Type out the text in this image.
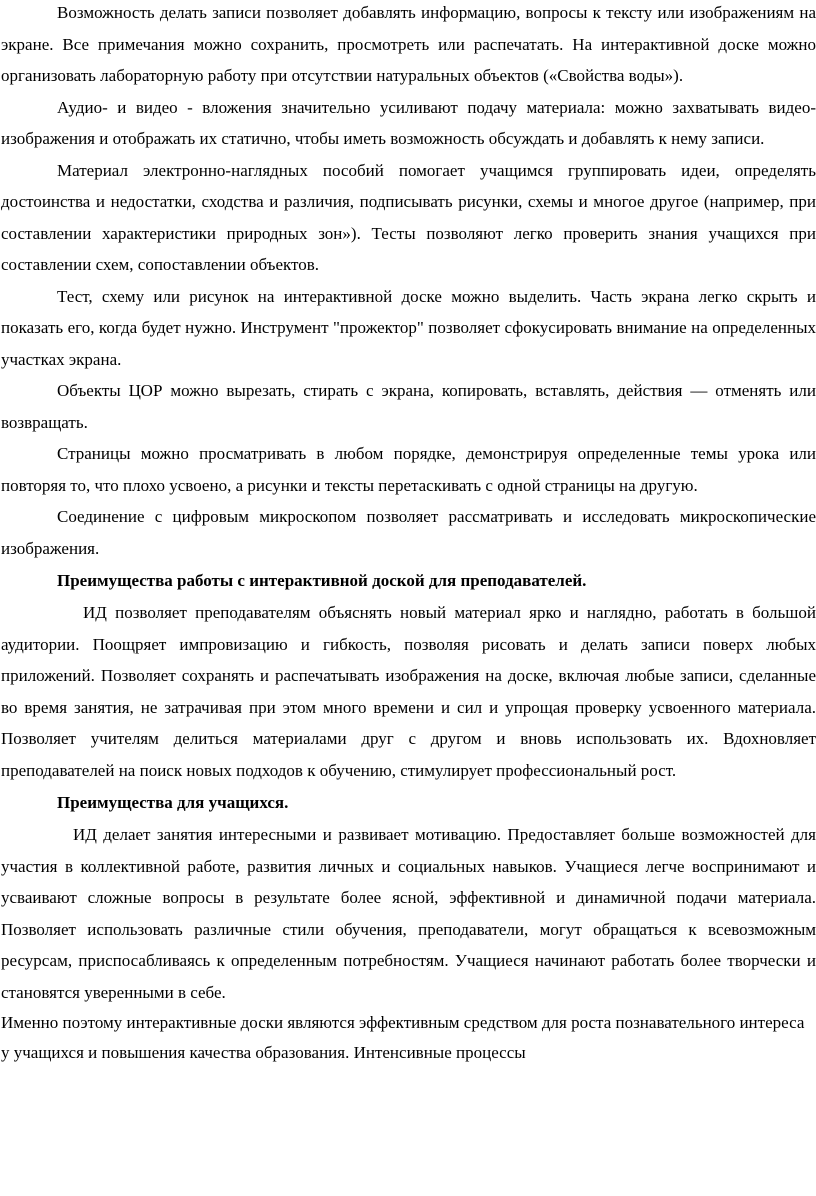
Возможность делать записи позволяет добавлять информацию, вопросы к тексту или изображениям на экране. Все примечания можно сохранить, просмотреть или распечатать. На интерактивной доске можно организовать лабораторную работу при отсутствии натуральных объектов («Свойства воды»).

Аудио- и видео - вложения значительно усиливают подачу материала: можно захватывать видео-изображения и отображать их статично, чтобы иметь возможность обсуждать и добавлять к нему записи.

Материал электронно-наглядных пособий помогает учащимся группировать идеи, определять достоинства и недостатки, сходства и различия, подписывать рисунки, схемы и многое другое (например, при составлении характеристики природных зон»). Тесты позволяют легко проверить знания учащихся при составлении схем, сопоставлении объектов.

Тест, схему или рисунок на интерактивной доске можно выделить. Часть экрана легко скрыть и показать его, когда будет нужно. Инструмент "прожектор" позволяет сфокусировать внимание на определенных участках экрана.

Объекты ЦОР можно вырезать, стирать с экрана, копировать, вставлять, действия — отменять или возвращать.

Страницы можно просматривать в любом порядке, демонстрируя определенные темы урока или повторяя то, что плохо усвоено, а рисунки и тексты перетаскивать с одной страницы на другую.

Соединение с цифровым микроскопом позволяет рассматривать и исследовать микроскопические изображения.

Преимущества работы с интерактивной доской для преподавателей.

ИД позволяет преподавателям объяснять новый материал ярко и наглядно, работать в большой аудитории. Поощряет импровизацию и гибкость, позволяя рисовать и делать записи поверх любых приложений. Позволяет сохранять и распечатывать изображения на доске, включая любые записи, сделанные во время занятия, не затрачивая при этом много времени и сил и упрощая проверку усвоенного материала. Позволяет учителям делиться материалами друг с другом и вновь использовать их. Вдохновляет преподавателей на поиск новых подходов к обучению, стимулирует профессиональный рост.

Преимущества для учащихся.

ИД делает занятия интересными и развивает мотивацию. Предоставляет больше возможностей для участия в коллективной работе, развития личных и социальных навыков. Учащиеся легче воспринимают и усваивают сложные вопросы в результате более ясной, эффективной и динамичной подачи материала. Позволяет использовать различные стили обучения, преподаватели, могут обращаться к всевозможным ресурсам, приспосабливаясь к определенным потребностям. Учащиеся начинают работать более творчески и становятся уверенными в себе.

Именно поэтому интерактивные доски являются эффективным средством для роста познавательного интереса у учащихся и повышения качества образования. Интенсивные процессы
